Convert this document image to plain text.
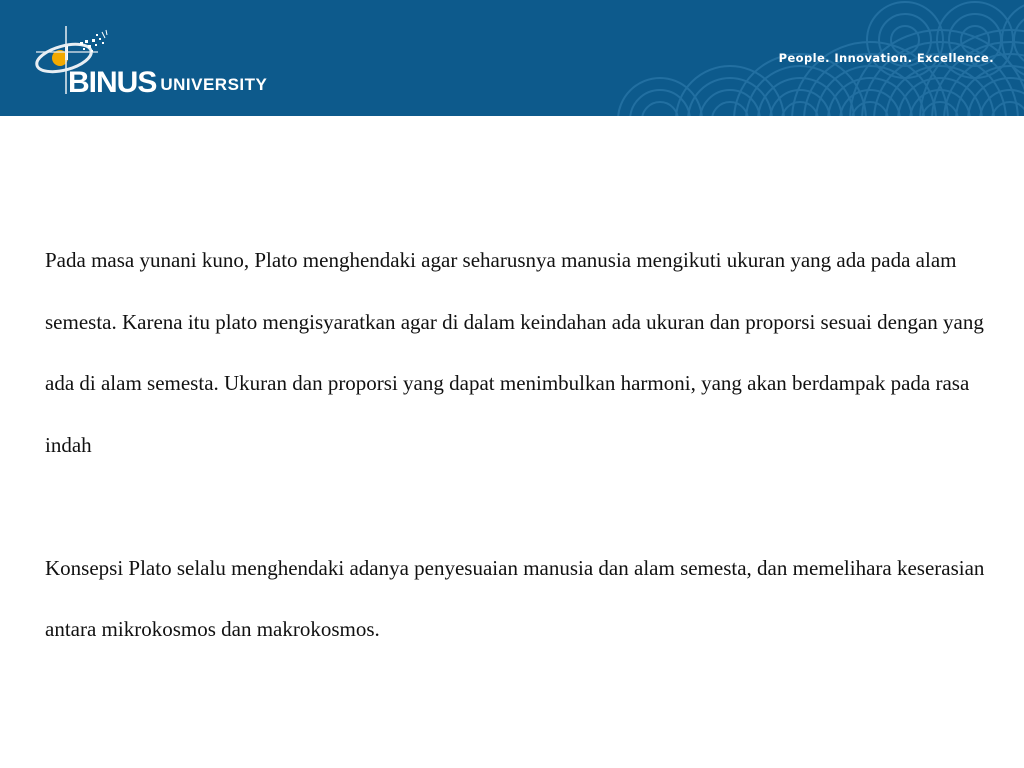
BINUS UNIVERSITY
People. Innovation. Excellence.

Pada masa yunani kuno, Plato menghendaki agar seharusnya manusia mengikuti ukuran yang ada pada alam semesta. Karena itu plato mengisyaratkan agar di dalam keindahan ada ukuran dan proporsi sesuai dengan yang ada di alam semesta. Ukuran dan proporsi yang dapat menimbulkan harmoni, yang akan berdampak pada rasa indah

Konsepsi Plato selalu menghendaki adanya penyesuaian manusia dan alam semesta, dan memelihara keserasian antara mikrokosmos dan makrokosmos.
